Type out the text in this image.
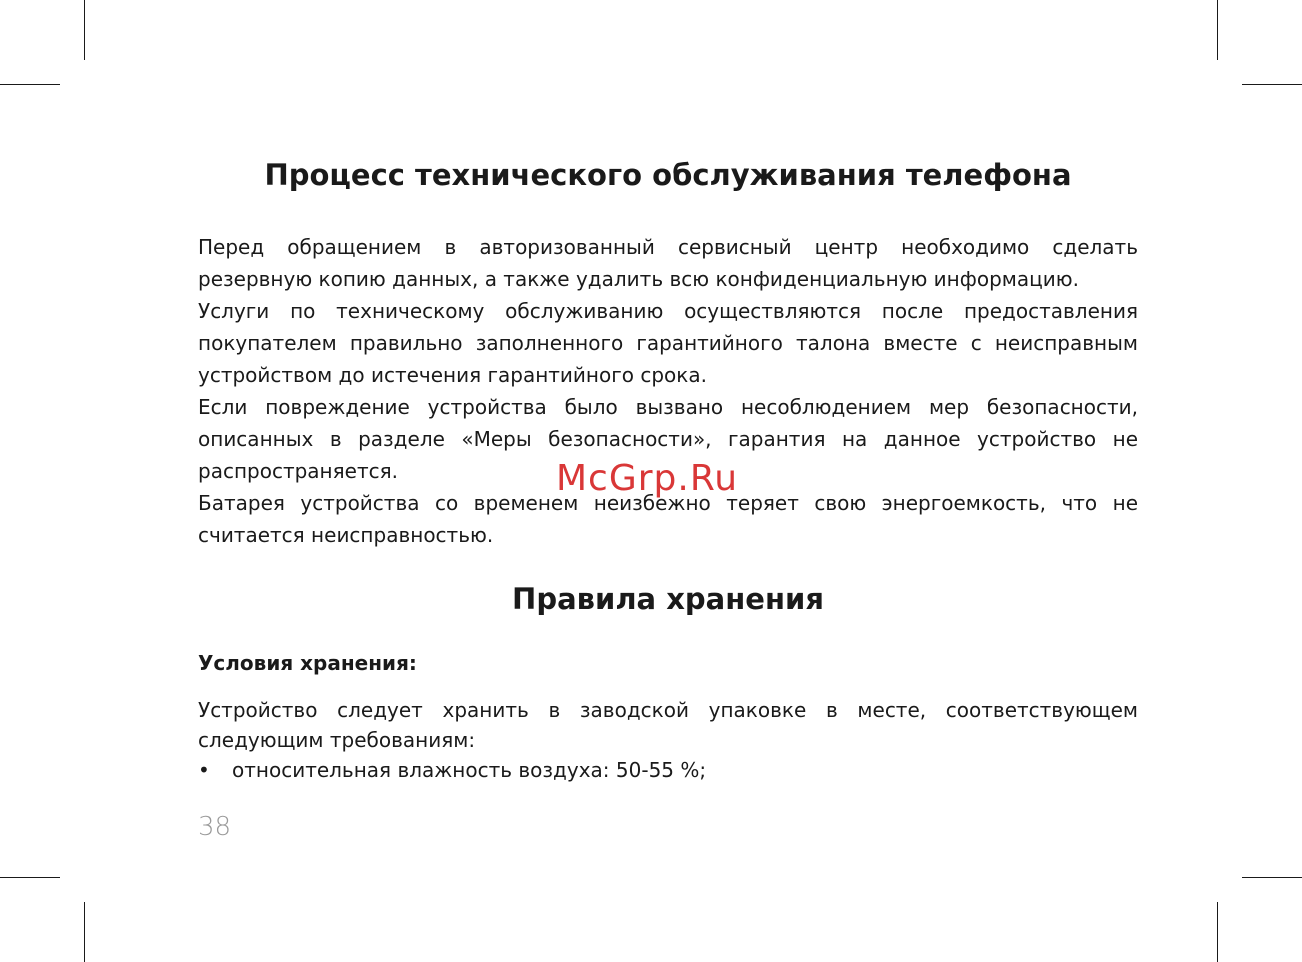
Процесс технического обслуживания телефона

Перед обращением в авторизованный сервисный центр необходимо сделать резервную копию данных, а также удалить всю конфиденциальную информацию.

Услуги по техническому обслуживанию осуществляются после предоставления покупателем правильно заполненного гарантийного талона вместе с неисправным устройством до истечения гарантийного срока.

Если повреждение устройства было вызвано несоблюдением мер безопасности, описанных в разделе «Меры безопасности», гарантия на данное устройство не распространяется.

Батарея устройства со временем неизбежно теряет свою энергоемкость, что не считается неисправностью.

Правила хранения
Условия хранения:

Устройство следует хранить в заводской упаковке в месте, соответствующем следующим требованиям:

•	относительная влажность воздуха: 50-55 %;
McGrp.Ru
38
